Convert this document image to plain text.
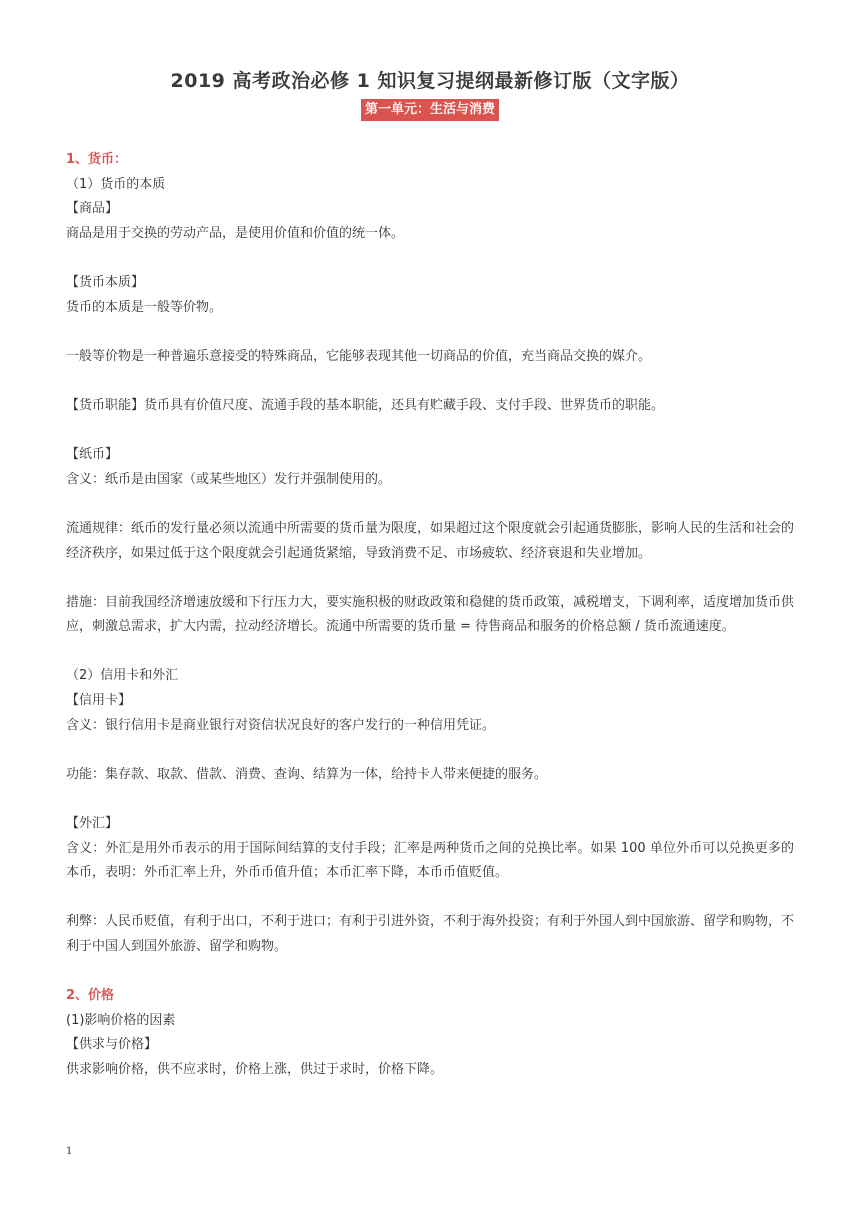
2019 高考政治必修 1 知识复习提纲最新修订版（文字版）
第一单元：生活与消费

1、货币：

（1）货币的本质

【商品】

商品是用于交换的劳动产品，是使用价值和价值的统一体。

【货币本质】

货币的本质是一般等价物。

一般等价物是一种普遍乐意接受的特殊商品，它能够表现其他一切商品的价值，充当商品交换的媒介。

【货币职能】货币具有价值尺度、流通手段的基本职能，还具有贮藏手段、支付手段、世界货币的职能。

【纸币】

含义：纸币是由国家（或某些地区）发行并强制使用的。

流通规律：纸币的发行量必须以流通中所需要的货币量为限度，如果超过这个限度就会引起通货膨胀，影响人民的生活和社会的经济秩序，如果过低于这个限度就会引起通货紧缩，导致消费不足、市场疲软、经济衰退和失业增加。

措施：目前我国经济增速放缓和下行压力大，要实施积极的财政政策和稳健的货币政策，减税增支，下调利率，适度增加货币供应，刺激总需求，扩大内需，拉动经济增长。流通中所需要的货币量 = 待售商品和服务的价格总额 / 货币流通速度。

（2）信用卡和外汇

【信用卡】

含义：银行信用卡是商业银行对资信状况良好的客户发行的一种信用凭证。

功能：集存款、取款、借款、消费、查询、结算为一体，给持卡人带来便捷的服务。

【外汇】

含义：外汇是用外币表示的用于国际间结算的支付手段；汇率是两种货币之间的兑换比率。如果 100 单位外币可以兑换更多的本币，表明：外币汇率上升，外币币值升值；本币汇率下降，本币币值贬值。

利弊：人民币贬值，有利于出口，不利于进口；有利于引进外资，不利于海外投资；有利于外国人到中国旅游、留学和购物，不利于中国人到国外旅游、留学和购物。

2、价格

(1)影响价格的因素

【供求与价格】

供求影响价格，供不应求时，价格上涨，供过于求时，价格下降。

1
